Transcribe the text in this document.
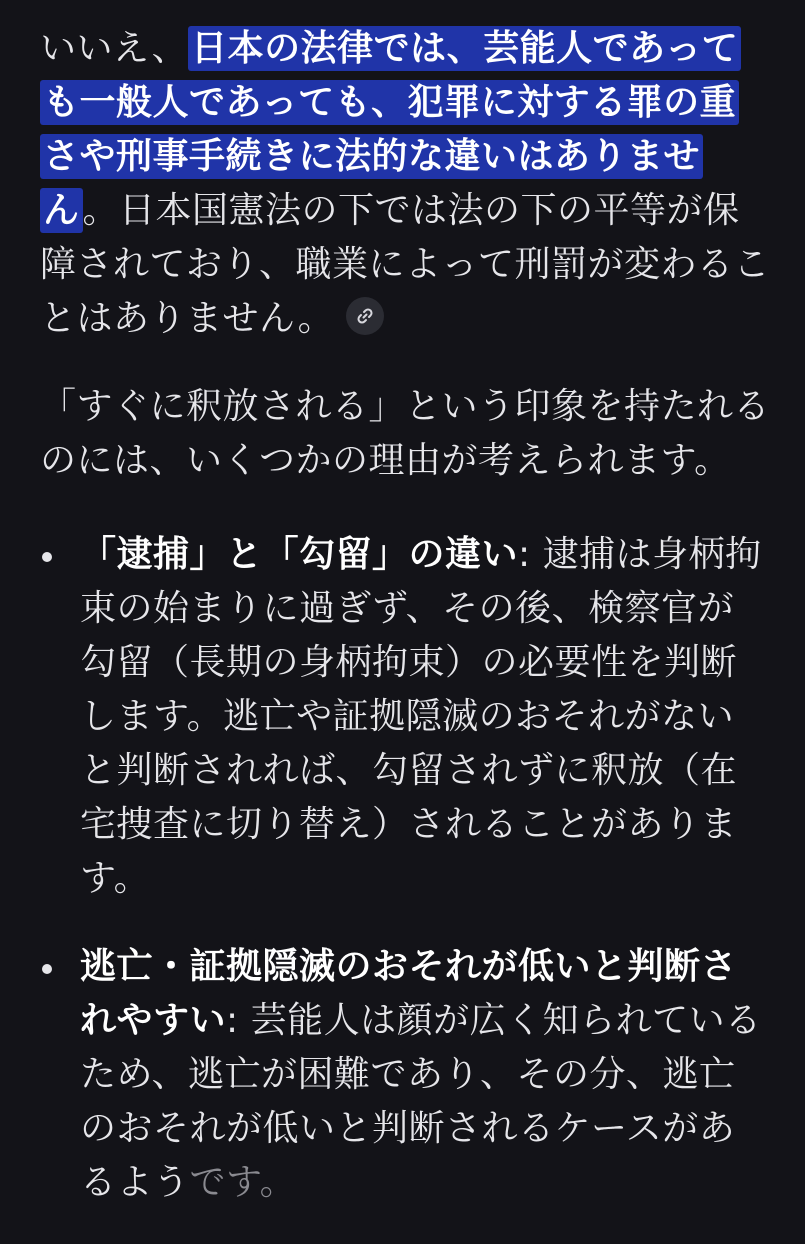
いいえ、日本の法律では、芸能人であっても一般人であっても、犯罪に対する罪の重さや刑事手続きに法的な違いはありません。日本国憲法の下では法の下の平等が保障されており、職業によって刑罰が変わることはありません。

「すぐに釈放される」という印象を持たれるのには、いくつかの理由が考えられます。

「逮捕」と「勾留」の違い: 逮捕は身柄拘束の始まりに過ぎず、その後、検察官が勾留（長期の身柄拘束）の必要性を判断します。逃亡や証拠隠滅のおそれがないと判断されれば、勾留されずに釈放（在宅捜査に切り替え）されることがあります。
逃亡・証拠隠滅のおそれが低いと判断されやすい: 芸能人は顔が広く知られているため、逃亡が困難であり、その分、逃亡のおそれが低いと判断されるケースがあるようです。
